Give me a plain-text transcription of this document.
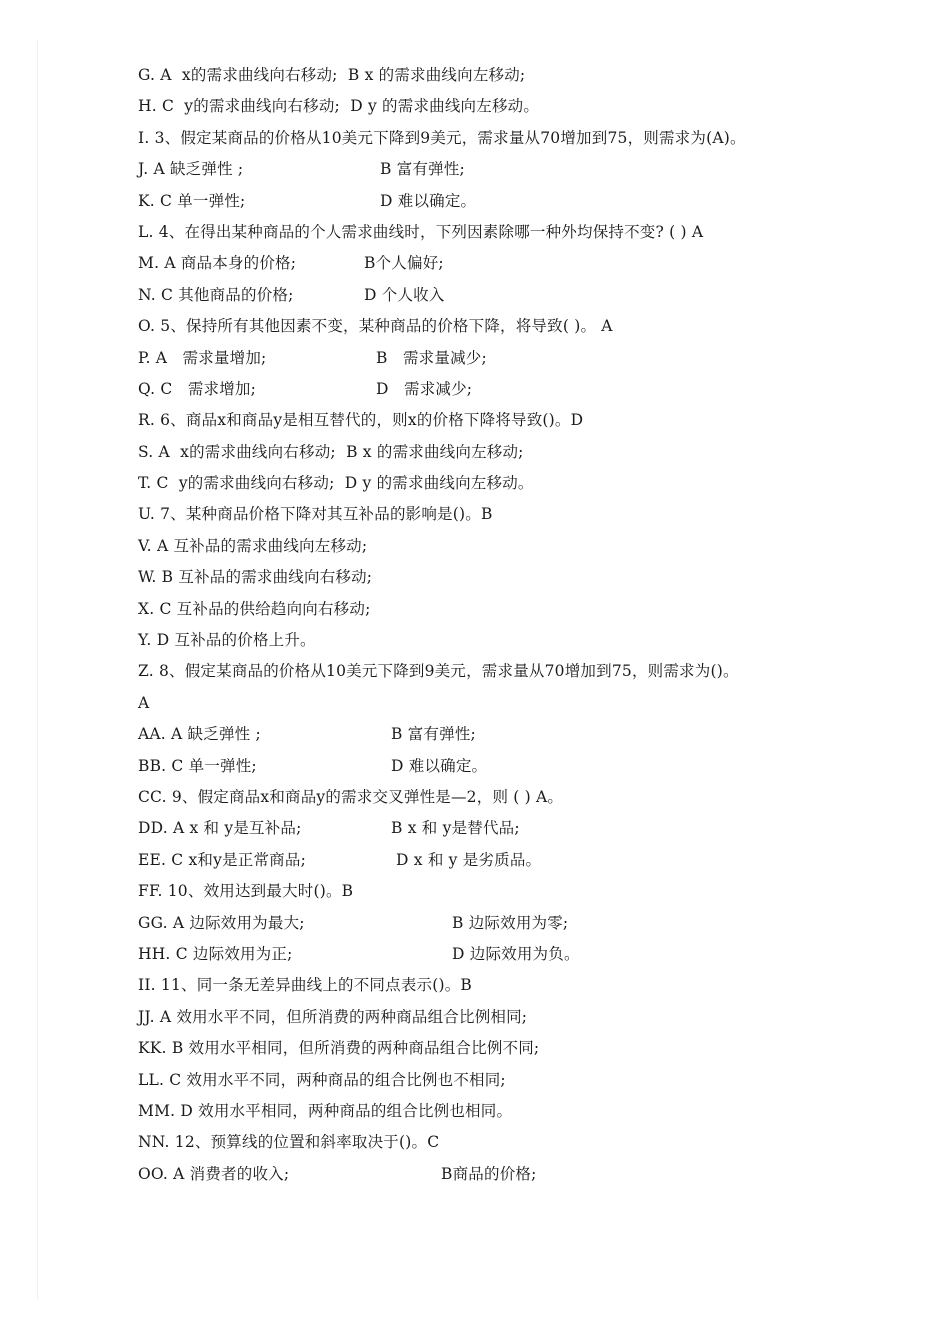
G. A  x的需求曲线向右移动;  B x 的需求曲线向左移动;
H. C  y的需求曲线向右移动;  D y 的需求曲线向左移动。
I. 3、假定某商品的价格从10美元下降到9美元，需求量从70增加到75，则需求为(A)。
J. A 缺乏弹性 ;	B 富有弹性;
K. C 单一弹性;	D 难以确定。
L. 4、在得出某种商品的个人需求曲线时，下列因素除哪一种外均保持不变? ( ) A
M. A 商品本身的价格;	B个人偏好;
N. C 其他商品的价格;	D 个人收入
O. 5、保持所有其他因素不变，某种商品的价格下降，将导致( )。 A
P. A   需求量增加;	B   需求量减少;
Q. C   需求增加;	D   需求减少;
R. 6、商品x和商品y是相互替代的，则x的价格下降将导致()。D
S. A  x的需求曲线向右移动;  B x 的需求曲线向左移动;
T. C  y的需求曲线向右移动;  D y 的需求曲线向左移动。
U. 7、某种商品价格下降对其互补品的影响是()。B
V. A 互补品的需求曲线向左移动;
W. B 互补品的需求曲线向右移动;
X. C 互补品的供给趋向向右移动;
Y. D 互补品的价格上升。
Z. 8、假定某商品的价格从10美元下降到9美元，需求量从70增加到75，则需求为()。
A
AA. A 缺乏弹性 ;	B 富有弹性;
BB. C 单一弹性;	D 难以确定。
CC. 9、假定商品x和商品y的需求交叉弹性是—2，则 ( ) A。
DD. A x 和 y是互补品;	B x 和 y是替代品;
EE. C x和y是正常商品;	D x 和 y 是劣质品。
FF. 10、效用达到最大时()。B
GG. A 边际效用为最大;	B 边际效用为零;
HH. C 边际效用为正;	D 边际效用为负。
II. 11、同一条无差异曲线上的不同点表示()。B
JJ. A 效用水平不同，但所消费的两种商品组合比例相同;
KK. B 效用水平相同，但所消费的两种商品组合比例不同;
LL. C 效用水平不同，两种商品的组合比例也不相同;
MM. D 效用水平相同，两种商品的组合比例也相同。
NN. 12、预算线的位置和斜率取决于()。C
OO. A 消费者的收入;	B商品的价格;
